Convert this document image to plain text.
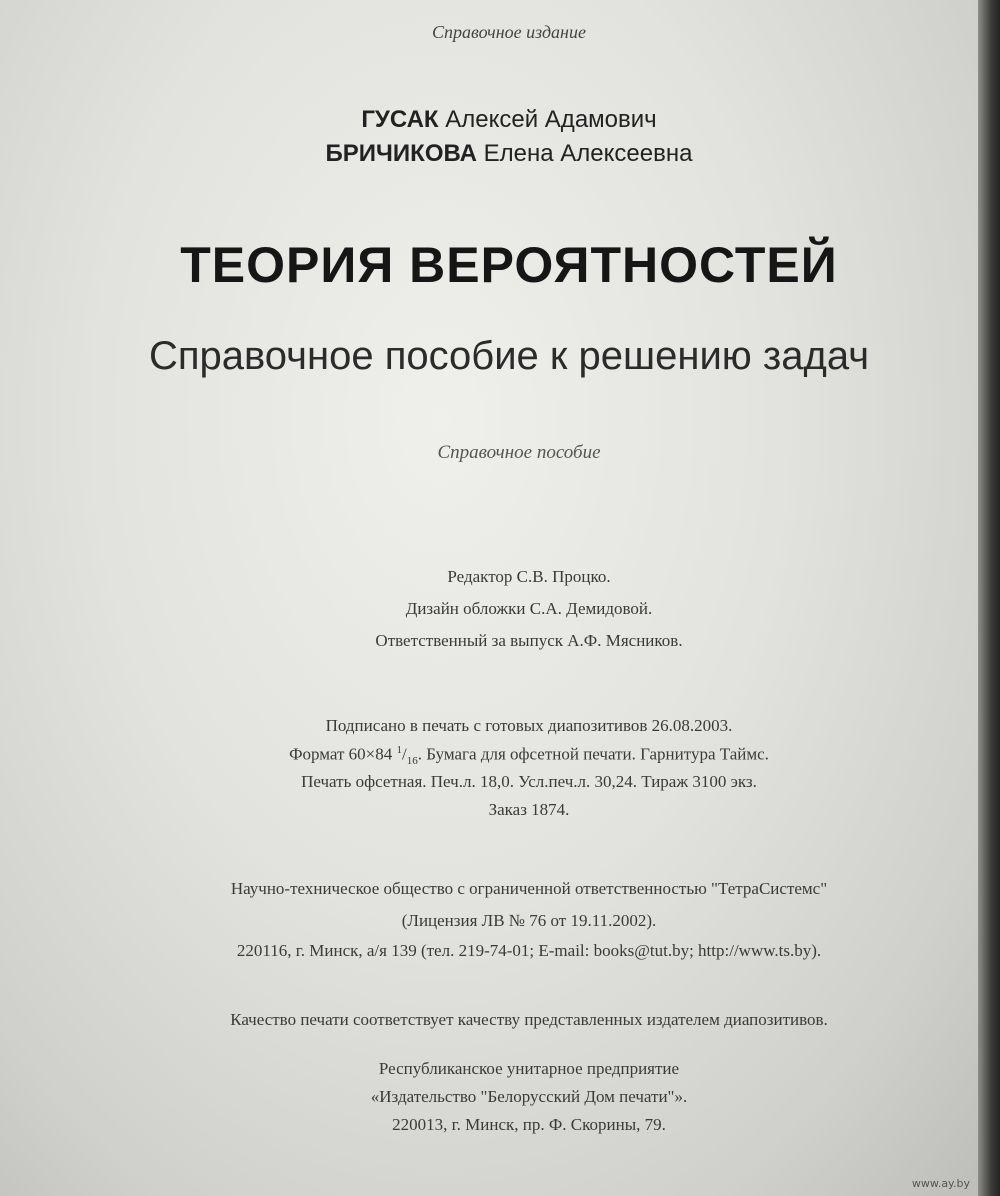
Справочное издание
ГУСАК Алексей Адамович
БРИЧИКОВА Елена Алексеевна
ТЕОРИЯ ВЕРОЯТНОСТЕЙ
Справочное пособие к решению задач
Справочное пособие
Редактор С.В. Процко.
Дизайн обложки С.А. Демидовой.
Ответственный за выпуск А.Ф. Мясников.
Подписано в печать с готовых диапозитивов 26.08.2003.
Формат 60×84 $^1/_{16}$. Бумага для офсетной печати. Гарнитура Таймс.
Печать офсетная. Печ.л. 18,0. Усл.печ.л. 30,24. Тираж 3100 экз.
Заказ 1874.
Научно-техническое общество с ограниченной ответственностью "ТетраСистемс"
(Лицензия ЛВ № 76 от 19.11.2002).
220116, г. Минск, а/я 139 (тел. 219-74-01; E-mail: books@tut.by; http://www.ts.by).
Качество печати соответствует качеству представленных издателем диапозитивов.
Республиканское унитарное предприятие
«Издательство "Белорусский Дом печати"».
220013, г. Минск, пр. Ф. Скорины, 79.
www.ay.by
